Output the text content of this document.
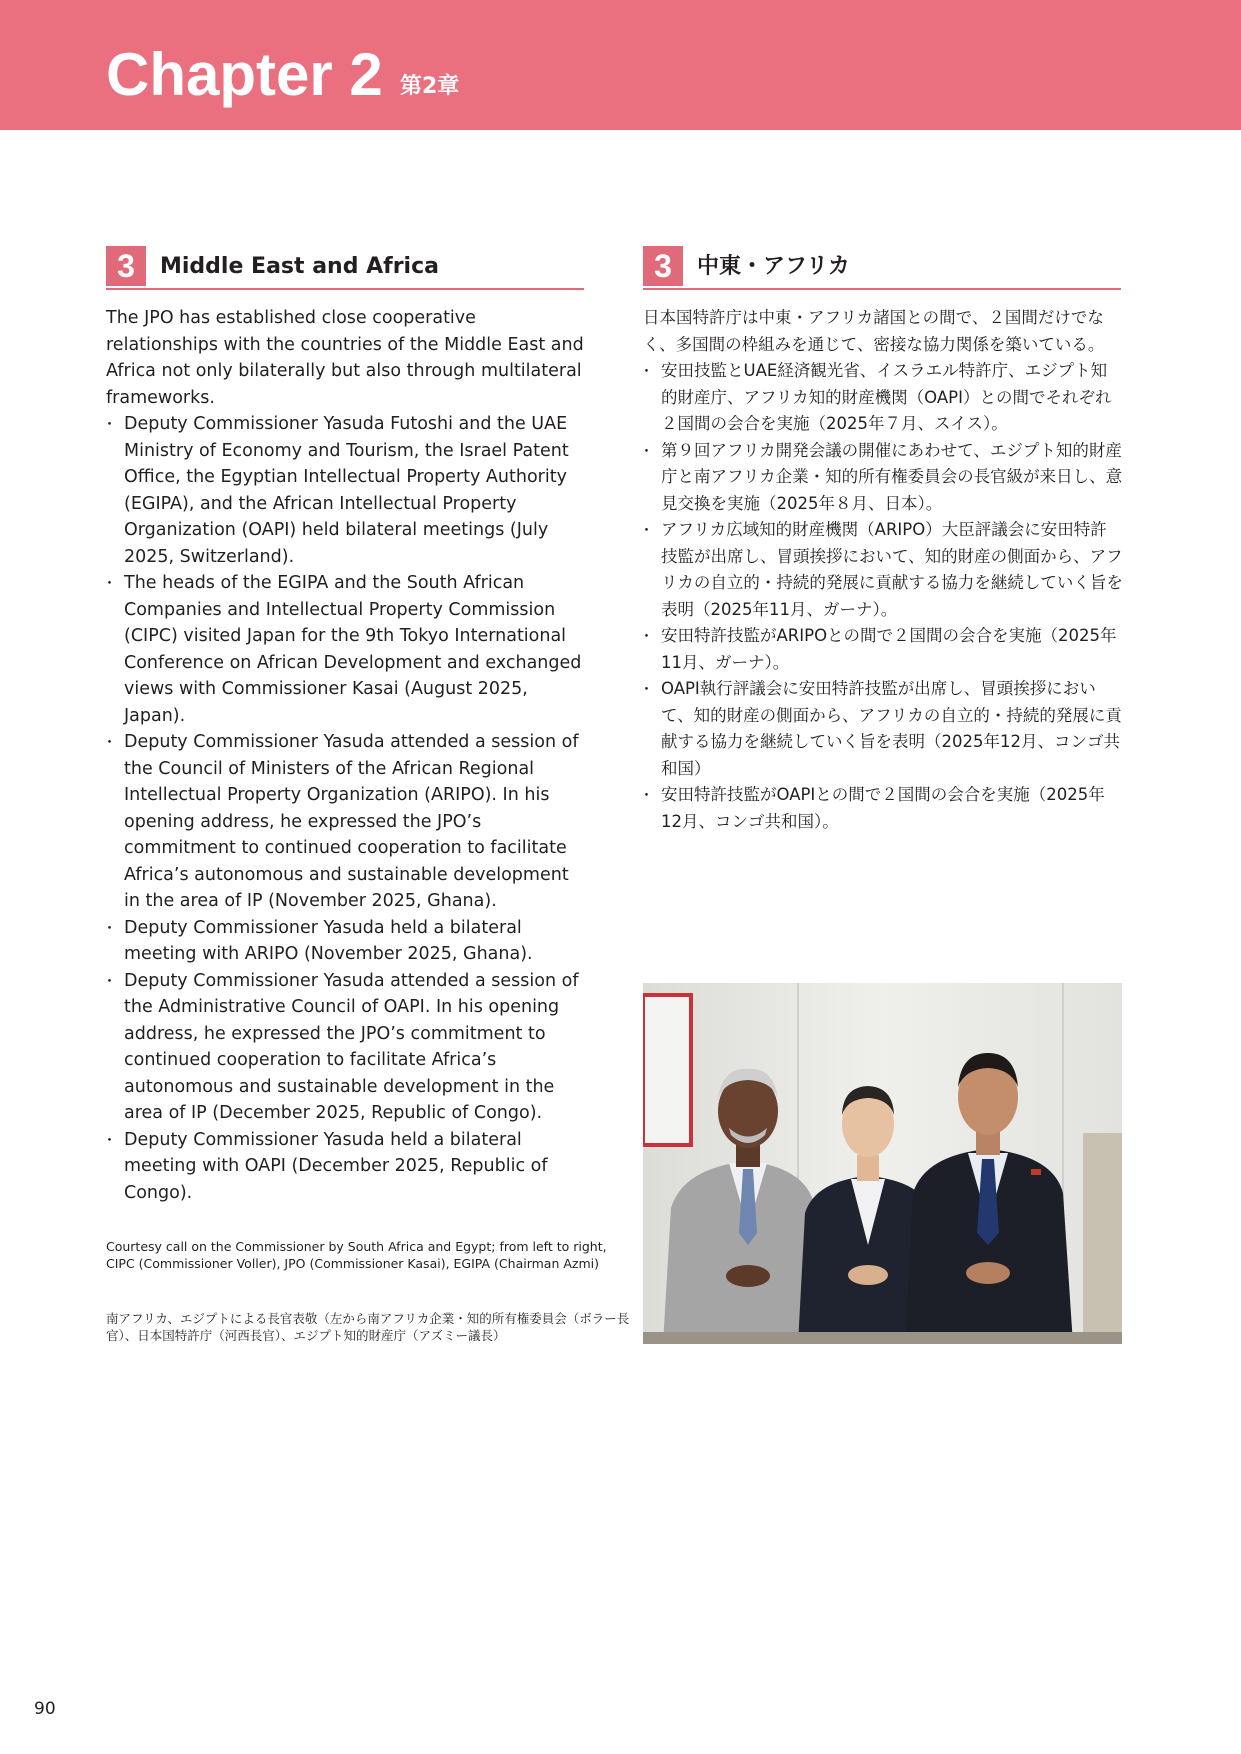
Chapter 2 第2章
3	Middle East and Africa	3	中東・アフリカ

The JPO has established close cooperative relationships with the countries of the Middle East and Africa not only bilaterally but also through multilateral frameworks.

・ Deputy Commissioner Yasuda Futoshi and the UAE Ministry of Economy and Tourism, the Israel Patent Office, the Egyptian Intellectual Property Authority (EGIPA), and the African Intellectual Property Organization (OAPI) held bilateral meetings (July 2025, Switzerland).
・ The heads of the EGIPA and the South African Companies and Intellectual Property Commission (CIPC) visited Japan for the 9th Tokyo International Conference on African Development and exchanged views with Commissioner Kasai (August 2025, Japan).
・ Deputy Commissioner Yasuda attended a session of the Council of Ministers of the African Regional Intellectual Property Organization (ARIPO). In his opening address, he expressed the JPO’s commitment to continued cooperation to facilitate Africa’s autonomous and sustainable development in the area of IP (November 2025, Ghana).
・ Deputy Commissioner Yasuda held a bilateral meeting with ARIPO (November 2025, Ghana).
・ Deputy Commissioner Yasuda attended a session of the Administrative Council of OAPI. In his opening address, he expressed the JPO’s commitment to continued cooperation to facilitate Africa’s autonomous and sustainable development in the area of IP (December 2025, Republic of Congo).
・ Deputy Commissioner Yasuda held a bilateral meeting with OAPI (December 2025, Republic of Congo).

日本国特許庁は中東・アフリカ諸国との間で、２国間だけでなく、多国間の枠組みを通じて、密接な協力関係を築いている。

・ 安田技監とUAE経済観光省、イスラエル特許庁、エジプト知的財産庁、アフリカ知的財産機関（OAPI）との間でそれぞれ２国間の会合を実施（2025年７月、スイス）。
・ 第９回アフリカ開発会議の開催にあわせて、エジプト知的財産庁と南アフリカ企業・知的所有権委員会の長官級が来日し、意見交換を実施（2025年８月、日本）。
・ アフリカ広域知的財産機関（ARIPO）大臣評議会に安田特許技監が出席し、冒頭挨拶において、知的財産の側面から、アフリカの自立的・持続的発展に貢献する協力を継続していく旨を表明（2025年11月、ガーナ）。
・ 安田特許技監がARIPOとの間で２国間の会合を実施（2025年11月、ガーナ）。
・ OAPI執行評議会に安田特許技監が出席し、冒頭挨拶において、知的財産の側面から、アフリカの自立的・持続的発展に貢献する協力を継続していく旨を表明（2025年12月、コンゴ共和国）
・ 安田特許技監がOAPIとの間で２国間の会合を実施（2025年12月、コンゴ共和国）。
Courtesy call on the Commissioner by South Africa and Egypt; from left to right, CIPC (Commissioner Voller), JPO (Commissioner Kasai), EGIPA (Chairman Azmi)
南アフリカ、エジプトによる長官表敬（左から南アフリカ企業・知的所有権委員会（ボラー長官）、日本国特許庁（河西長官）、エジプト知的財産庁（アズミー議長）
90
